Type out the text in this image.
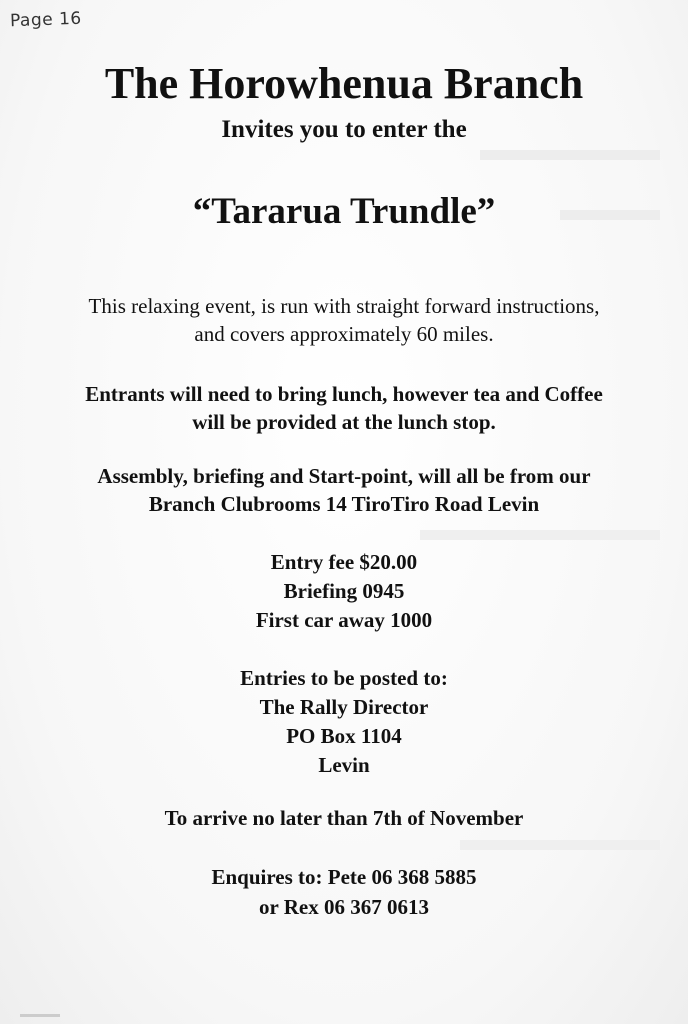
Page 16
The Horowhenua Branch
Invites you to enter the
“Tararua Trundle”
This relaxing event, is run with straight forward instructions,
and covers approximately 60 miles.
Entrants will need to bring lunch, however tea and Coffee
will be provided at the lunch stop.
Assembly, briefing and Start-point, will all be from our
Branch Clubrooms 14 TiroTiro Road Levin
Entry fee $20.00
Briefing 0945
First car away 1000
Entries to be posted to:
The Rally Director
PO Box 1104
Levin
To arrive no later than 7th of November
Enquires to: Pete 06 368 5885
or Rex 06 367 0613
